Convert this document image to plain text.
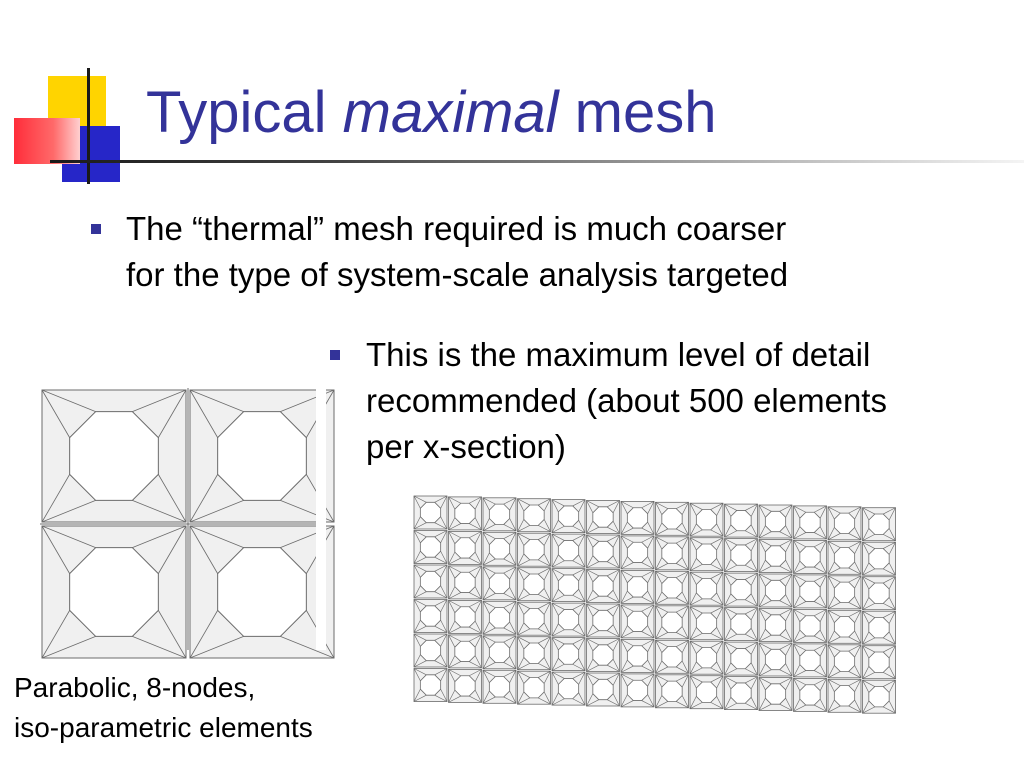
Typical maximal mesh
The “thermal” mesh required is much coarser
for the type of system-scale analysis targeted
This is the maximum level of detail
recommended (about 500 elements
per x-section)
Parabolic, 8-nodes,
iso-parametric elements
